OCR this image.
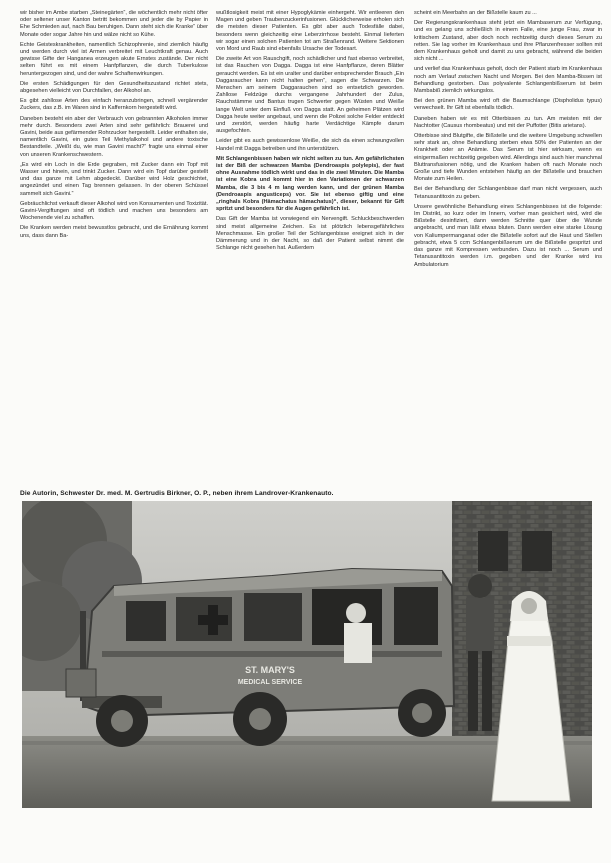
wir bisher im Ambe starben „Steinegärten“, die wöchentlich mehr nicht öfter oder seltener unser Kanton betritt bekommen und jeder die by Papier in Ehe Schmieden auf, nach Bau beruhigen. Dann steht sich die Kranke“ über Monate oder sogar Jahre hin und wälze nicht so Kühe.

Echte Geisteskrankheiten, namentlich Schizophrenie, sind ziemlich häufig und werden durch viel ist Armen verbreitet mit Leuchtkraft genau. Auch gewisse Gifte der Hanganea erzeugen akute Ernstes zustände. Der nicht selten führt es mit einem Hanfpflanzen, die durch Tuberkulose heruntergezogen sind, und der wahre Schaftenwirkungen.

Die ersten Schädigungen für den Gesundheitszustand richtet stets, abgesehen vielleicht von Durchfallen, der Alkohol an.

Es gibt zahllose Arten des einfach heranzubringen, schnell vergärender Zuckers, das z.B. im Waren sind in Kaffernkorn hergestellt wird.

Daneben besteht ein aber der Verbrauch von gebrannten Alkoholen immer mehr durch. Besonders zwei Arten sind sehr gefährlich: Brauerei und Gavini, beide aus gefärmender Rohrzucker hergestellt. Leider enthalten sie, namentlich Gavini, ein gutes Teil Methylalkohol und andere toxische Bestandteile. „Weißt du, wie man Gavini macht?“ fragte uns einmal einer von unseren Krankenschwestern.

„Es wird ein Loch in die Erde gegraben, mit Zucker dann ein Topf mit Wasser und hinein, und trinkt Zucker. Dann wird ein Topf darüber gestellt und das ganze mit Lehm abgedeckt. Darüber wird Holz geschichtet, angezündet und einen Tag brennen gelassen. In der oberen Schüssel sammelt sich Gavini.“

Gebräuchlichst verkauft dieser Alkohol wird von Konsumenten und Toxizität. Gavini-Vergiftungen sind oft tödlich und machen uns besonders am Wochenende viel zu schaffen.

Die Kranken werden meist bewusstlos gebracht, und die Ernährung kommt uns, dass dann Ba-

wußtlosigkeit meist mit einer Hypoglykämie einhergeht. Wir entleeren den Magen und geben Traubenzuckerinfusionen. Glücklicherweise erholen sich die meisten dieser Patienten. Es gibt aber auch Todesfälle dabei, besonders wenn gleichzeitig eine Leberzirrhose besteht. Einmal lieferten wir sogar einen solchen Patienten tot am Straßenrand. Weitere Sektionen von Mord und Raub sind ebenfalls Ursache der Todesart.

Die zweite Art von Rauschgift, noch schädlicher und fast ebenso verbreitet, ist das Rauchen von Dagga. Dagga ist eine Hanfpflanze, deren Blätter geraucht werden. Es ist ein uralter und darüber entsprechender Brauch „Ein Daggaraucher kann nicht halten gehen“, sagen die Schwarzen. Die Menschen am seinem Daggarauchen sind so entsetzlich geworden. Zahllose Feldzüge durchs vergangene Jahrhundert der Zulus, Rauchstämme und Bantus trugen Schwerter gegen Wüsten und Weiße lange Welt unter dem Einfluß von Dagga statt. An geheimen Plätzen wird Dagga heute weiter angebaut, und wenn die Polizei solche Felder entdeckt und zerstört, werden häufig harte Verdächtige Kämpfe darum ausgefochten.

Leider gibt es auch gewissenlose Weiße, die sich da einen schwungvollen Handel mit Dagga betreiben und ihn unterstützen.

Mit Schlangenbissen haben wir nicht selten zu tun. Am gefährlichsten ist der Biß der schwarzen Mamba (Dendroaspis polylepis), der fast ohne Ausnahme tödlich wirkt und das in die zwei Minuten. Die Mamba ist eine Kobra und kommt hier in den Variationen der schwarzen Mamba, die 3 bis 4 m lang werden kann, und der grünen Mamba (Dendroaspis angusticeps) vor. Sie ist ebenso giftig und eine „ringhals Kobra (Hämachatus hämachatus)“, dieser, bekannt für Gift spritzt und besonders für die Augen gefährlich ist.

Das Gift der Mamba ist vorwiegend ein Nervengift. Schluckbeschwerden sind meist allgemeine Zeichen. Es ist plötzlich lebensgefährliches Menschmasse. Ein großer Teil der Schlangenbisse ereignet sich in der Dämmerung und in der Nacht, so daß der Patient selbst nimmt die Schlange nicht gesehen hat. Außerdem

scheint ein Meerbahn an der Bißstelle kaum zu ...

Der Regierungskrankenhaus steht jetzt ein Mambaserum zur Verfügung, und es gelang uns schließlich in einem Falle, eine junge Frau, zwar in kritischem Zustand, aber doch noch rechtzeitig durch dieses Serum zu retten. Sie lag vorher im Krankenhaus und ihre Pflanzenfresser sollten mit dem Krankenhaus geholt und damit zu uns gebracht, während die beiden sich nicht ...

und verlief das Krankenhaus geholt, doch der Patient starb im Krankenhaus noch am Verlauf zwischen Nacht und Morgen. Bei den Mamba-Bissen ist Behandlung gestorben. Das polyvalente Schlangenbißserum ist beim Mambabiß ziemlich wirkungslos.

Bei den grünen Mamba wird oft die Baumschlange (Dispholidus typus) verwechselt. Ihr Gift ist ebenfalls tödlich.

Daneben haben wir es mit Otterbissen zu tun. Am meisten mit der Nachtotter (Causus rhombeatus) und mit der Puffotter (Bitis arietans).

Otterbisse sind Blutgifte, die Bißstelle und die weitere Umgebung schwellen sehr stark an, ohne Behandlung sterben etwa 50% der Patienten an der Krankheit oder an Anämie. Das Serum ist hier wirksam, wenn es einigermaßen rechtzeitig gegeben wird. Allerdings sind auch hier manchmal Bluttransfusionen nötig, und die Kranken haben oft nach Monate noch Große und tiefe Wunden entstehen häufig an der Bißstelle und brauchen Monate zum Heilen.

Bei der Behandlung der Schlangenbisse darf man nicht vergessen, auch Tetanusantitoxin zu geben.

Unsere gewöhnliche Behandlung eines Schlangenbisses ist die folgende: Im Distrikt, so kurz oder im Innern, vorher man gesichert wird, wird die Bißstelle desinfiziert, dann werden Schnitte quer über die Wunde angebracht, und man läßt etwas bluten. Dann werden eine starke Lösung von Kaliumpermanganat oder die Bißstelle sofort auf die Haut und Stellen gebracht, etwa 5 ccm Schlangenbißserum um die Bißstelle gespritzt und das ganze mit Kompressen verbunden. Dazu ist noch ... Serum und Tetanusantitoxin werden i.m. gegeben und der Kranke wird ins Ambulatorium

Die Autorin, Schwester Dr. med. M. Gertrudis Birkner, O. P., neben ihrem Landrover-Krankenauto.
ST. MARY'S
MEDICAL SERVICE
